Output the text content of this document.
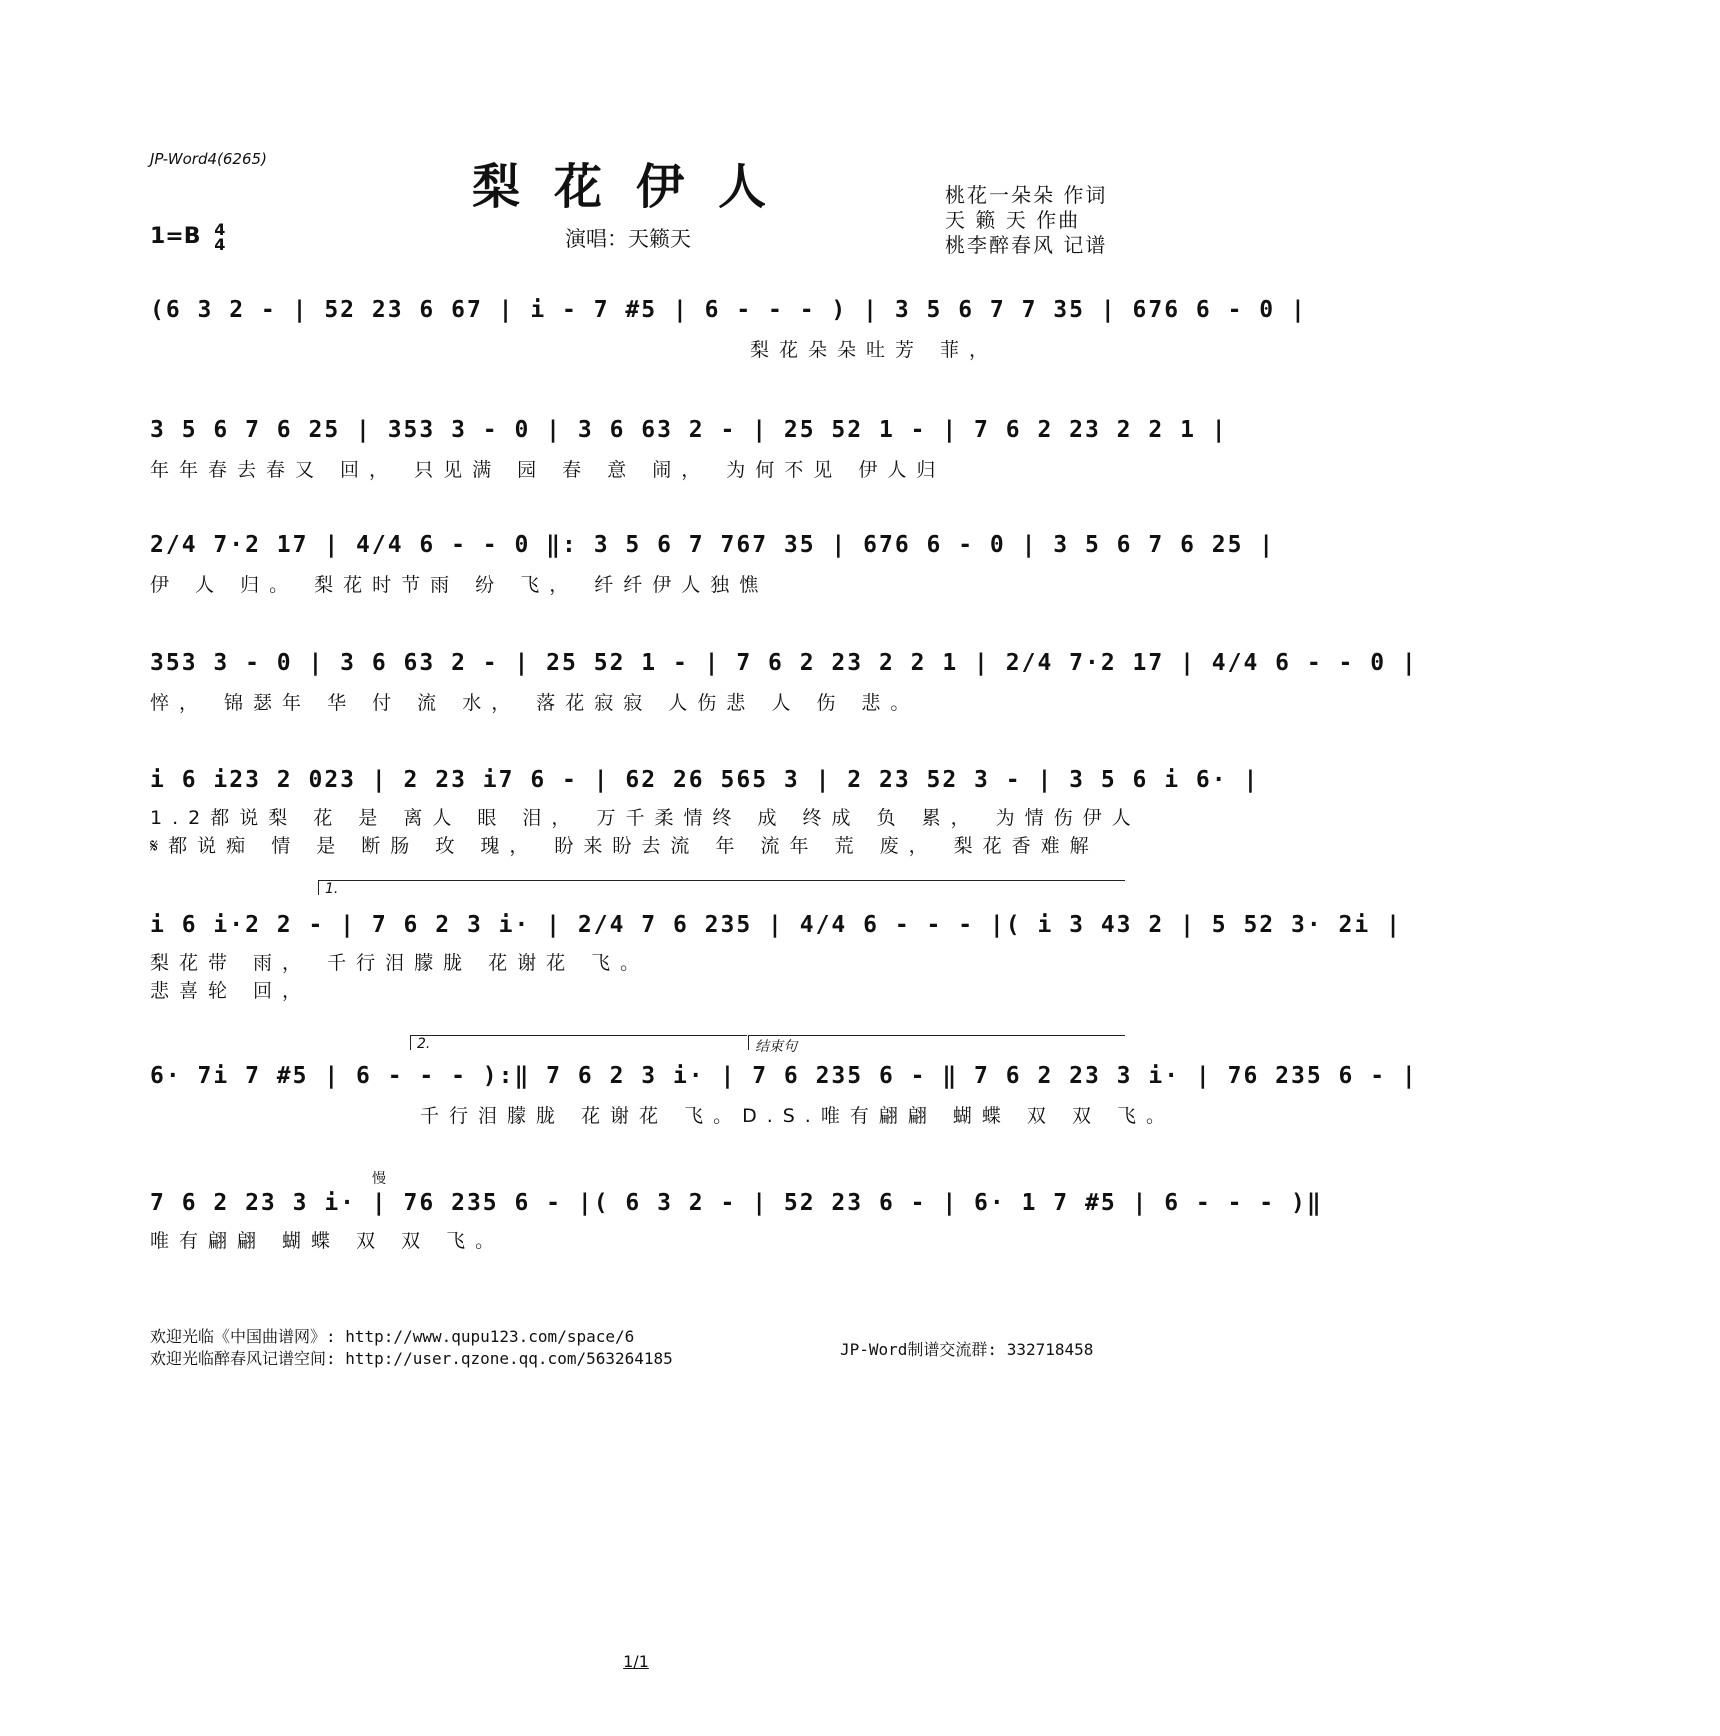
JP-Word4(6265)	梨花伊人
1=B 4
4	演唱：天籁天
桃花一朵朵 作词
天 籁 天 作曲
桃李醉春风 记谱
(6 3 2 - | 52 23 6 67 | i - 7 #5 | 6 - - - ) | 3 5 6 7 7 35 | 676 6 - 0 |
梨花朵朵吐芳 菲，
3 5 6 7 6 25 | 353 3 - 0 | 3 6 63 2 - | 25 52 1 - | 7 6 2 23 2 2 1 |
年年春去春又 回， 只见满 园 春 意 闹， 为何不见 伊人归
2/4 7·2 17 | 4/4 6 - - 0 ‖: 3 5 6 7 767 35 | 676 6 - 0 | 3 5 6 7 6 25 |
伊 人 归。 梨花时节雨 纷 飞， 纤纤伊人独憔
353 3 - 0 | 3 6 63 2 - | 25 52 1 - | 7 6 2 23 2 2 1 | 2/4 7·2 17 | 4/4 6 - - 0 |
悴， 锦瑟年 华 付 流 水， 落花寂寂 人伤悲 人 伤 悲。
i 6 i23 2 023 | 2 23 i7 6 - | 62 26 565 3 | 2 23 52 3 - | 3 5 6 i 6· |
1.2都说梨 花 是 离人 眼 泪， 万千柔情终 成 终成 负 累， 为情伤伊人
𝄋都说痴 情 是 断肠 玫 瑰， 盼来盼去流 年 流年 荒 废， 梨花香难解
1.
i 6 i·2 2 - | 7 6 2 3 i· | 2/4 7 6 235 | 4/4 6 - - - |( i 3 43 2 | 5 52 3· 2i |
梨花带 雨， 千行泪朦胧 花谢花 飞。
悲喜轮 回，
2.	结束句
6· 7i 7 #5 | 6 - - - ):‖ 7 6 2 3 i· | 7 6 235 6 - ‖ 7 6 2 23 3 i· | 76 235 6 - |
千行泪朦胧 花谢花 飞。D.S.唯有翩翩 蝴蝶 双 双 飞。
慢
7 6 2 23 3 i· | 76 235 6 - |( 6 3 2 - | 52 23 6 - | 6· 1 7 #5 | 6 - - - )‖
唯有翩翩 蝴蝶 双 双 飞。
欢迎光临《中国曲谱网》: http://www.qupu123.com/space/6
欢迎光临醉春风记谱空间: http://user.qzone.qq.com/563264185	JP-Word制谱交流群: 332718458
1/1
